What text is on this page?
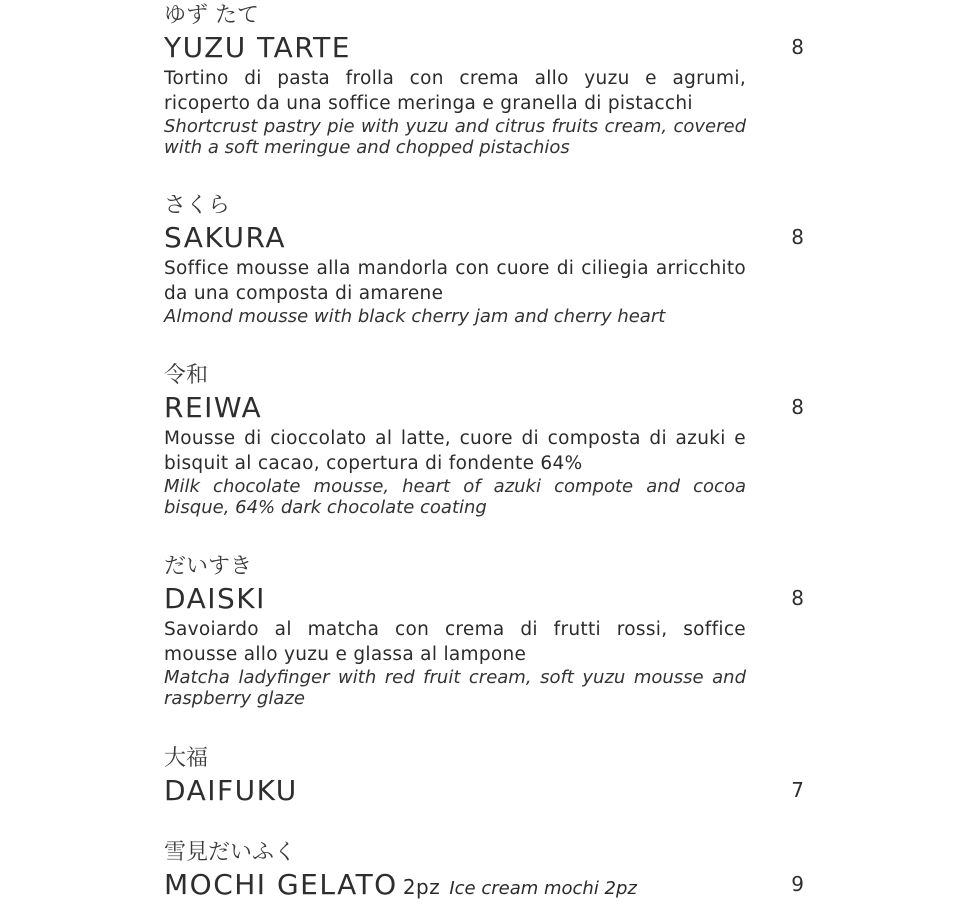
ゆず たて

YUZU TARTE	8

Tortino di pasta frolla con crema allo yuzu e agrumi, ricoperto da una soffice meringa e granella di pistacchi

Shortcrust pastry pie with yuzu and citrus fruits cream, covered with a soft meringue and chopped pistachios

さくら

SAKURA	8

Soffice mousse alla mandorla con cuore di ciliegia arricchito da una composta di amarene

Almond mousse with black cherry jam and cherry heart

令和

REIWA	8

Mousse di cioccolato al latte, cuore di composta di azuki e bisquit al cacao, copertura di fondente 64%

Milk chocolate mousse, heart of azuki compote and cocoa bisque, 64% dark chocolate coating

だいすき

DAISKI	8

Savoiardo al matcha con crema di frutti rossi, soffice mousse allo yuzu e glassa al lampone

Matcha ladyfinger with red fruit cream, soft yuzu mousse and raspberry glaze

大福

DAIFUKU	7

雪見だいふく

MOCHI GELATO 2pz Ice cream mochi 2pz	9
